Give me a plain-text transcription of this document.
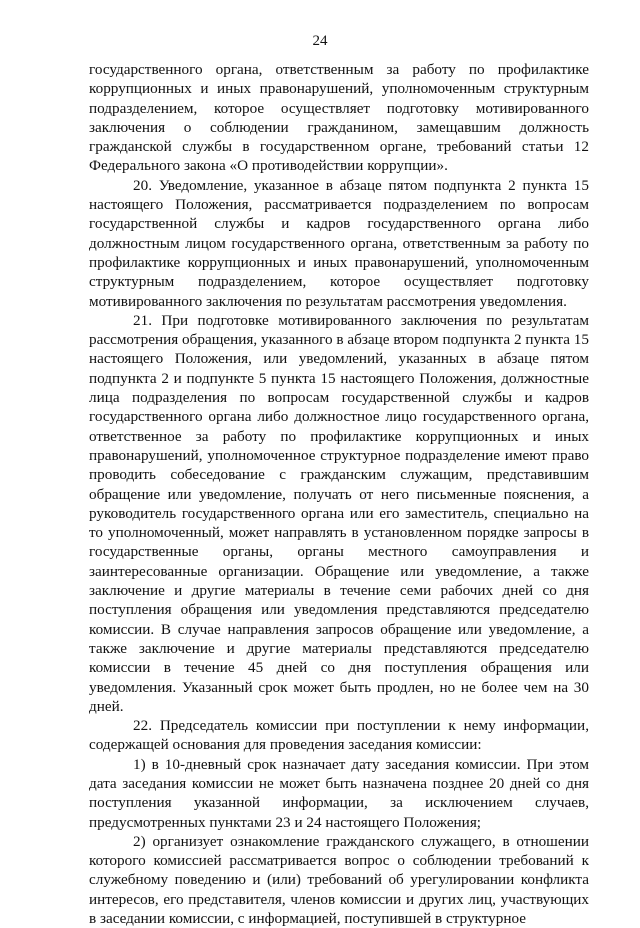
24

государственного органа, ответственным за работу по профилактике коррупционных и иных правонарушений, уполномоченным структурным подразделением, которое осуществляет подготовку мотивированного заключения о соблюдении гражданином, замещавшим должность гражданской службы в государственном органе, требований статьи 12 Федерального закона «О противодействии коррупции».

20. Уведомление, указанное в абзаце пятом подпункта 2 пункта 15 настоящего Положения, рассматривается подразделением по вопросам государственной службы и кадров государственного органа либо должностным лицом государственного органа, ответственным за работу по профилактике коррупционных и иных правонарушений, уполномоченным структурным подразделением, которое осуществляет подготовку мотивированного заключения по результатам рассмотрения уведомления.

21. При подготовке мотивированного заключения по результатам рассмотрения обращения, указанного в абзаце втором подпункта 2 пункта 15 настоящего Положения, или уведомлений, указанных в абзаце пятом подпункта 2 и подпункте 5 пункта 15 настоящего Положения, должностные лица подразделения по вопросам государственной службы и кадров государственного органа либо должностное лицо государственного органа, ответственное за работу по профилактике коррупционных и иных правонарушений, уполномоченное структурное подразделение имеют право проводить собеседование с гражданским служащим, представившим обращение или уведомление, получать от него письменные пояснения, а руководитель государственного органа или его заместитель, специально на то уполномоченный, может направлять в установленном порядке запросы в государственные органы, органы местного самоуправления и заинтересованные организации. Обращение или уведомление, а также заключение и другие материалы в течение семи рабочих дней со дня поступления обращения или уведомления представляются председателю комиссии. В случае направления запросов обращение или уведомление, а также заключение и другие материалы представляются председателю комиссии в течение 45 дней со дня поступления обращения или уведомления. Указанный срок может быть продлен, но не более чем на 30 дней.

22. Председатель комиссии при поступлении к нему информации, содержащей основания для проведения заседания комиссии:

1) в 10-дневный срок назначает дату заседания комиссии. При этом дата заседания комиссии не может быть назначена позднее 20 дней со дня поступления указанной информации, за исключением случаев, предусмотренных пунктами 23 и 24 настоящего Положения;

2) организует ознакомление гражданского служащего, в отношении которого комиссией рассматривается вопрос о соблюдении требований к служебному поведению и (или) требований об урегулировании конфликта интересов, его представителя, членов комиссии и других лиц, участвующих в заседании комиссии, с информацией, поступившей в структурное
